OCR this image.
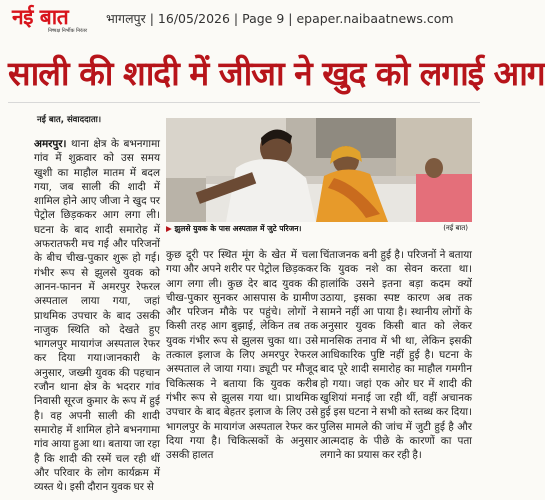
नई बात
निष्पक्ष निर्भीक निरंतर
भागलपुर | 16/05/2026 | Page 9 | epaper.naibaatnews.com
साली की शादी में जीजा ने खुद को लगाई आग
नई बात, संवाददाता।
अमरपुर। थाना क्षेत्र के बभनगामा गांव में शुक्रवार को उस समय खुशी का माहौल मातम में बदल गया, जब साली की शादी में शामिल होने आए जीजा ने खुद पर पेट्रोल छिड़ककर आग लगा ली। घटना के बाद शादी समारोह में अफरातफरी मच गई और परिजनों के बीच चीख-पुकार शुरू हो गई। गंभीर रूप से झुलसे युवक को आनन-फानन में अमरपुर रेफरल अस्पताल लाया गया, जहां प्राथमिक उपचार के बाद उसकी नाजुक स्थिति को देखते हुए भागलपुर मायागंज अस्पताल रेफर कर दिया गया।जानकारी के अनुसार, जख्मी युवक की पहचान रजौन थाना क्षेत्र के भदरार गांव निवासी सूरज कुमार के रूप में हुई है। वह अपनी साली की शादी समारोह में शामिल होने बभनगामा गांव आया हुआ था। बताया जा रहा है कि शादी की रस्में चल रही थीं और परिवार के लोग कार्यक्रम में व्यस्त थे। इसी दौरान युवक घर से
▶ झुलसे युवक के पास अस्पताल में जुटे परिजन।	(नई बात)
कुछ दूरी पर स्थित मूंग के खेत में चला गया और अपने शरीर पर पेट्रोल छिड़ककर आग लगा ली। कुछ देर बाद युवक की चीख-पुकार सुनकर आसपास के ग्रामीण और परिजन मौके पर पहुंचे। लोगों ने किसी तरह आग बुझाई, लेकिन तब तक युवक गंभीर रूप से झुलस चुका था। उसे तत्काल इलाज के लिए अमरपुर रेफरल अस्पताल ले जाया गया। ड्यूटी पर मौजूद चिकित्सक ने बताया कि युवक करीब गंभीर रूप से झुलस गया था। प्राथमिक उपचार के बाद बेहतर इलाज के लिए उसे भागलपुर के मायागंज अस्पताल रेफर कर दिया गया है। चिकित्सकों के अनुसार उसकी हालत
चिंताजनक बनी हुई है। परिजनों ने बताया कि युवक नशे का सेवन करता था। हालांकि उसने इतना बड़ा कदम क्यों उठाया, इसका स्पष्ट कारण अब तक सामने नहीं आ पाया है। स्थानीय लोगों के अनुसार युवक किसी बात को लेकर मानसिक तनाव में भी था, लेकिन इसकी आधिकारिक पुष्टि नहीं हुई है। घटना के बाद पूरे शादी समारोह का माहौल गमगीन हो गया। जहां एक ओर घर में शादी की खुशियां मनाई जा रही थीं, वहीं अचानक हुई इस घटना ने सभी को स्तब्ध कर दिया। पुलिस मामले की जांच में जुटी हुई है और आत्मदाह के पीछे के कारणों का पता लगाने का प्रयास कर रही है।
